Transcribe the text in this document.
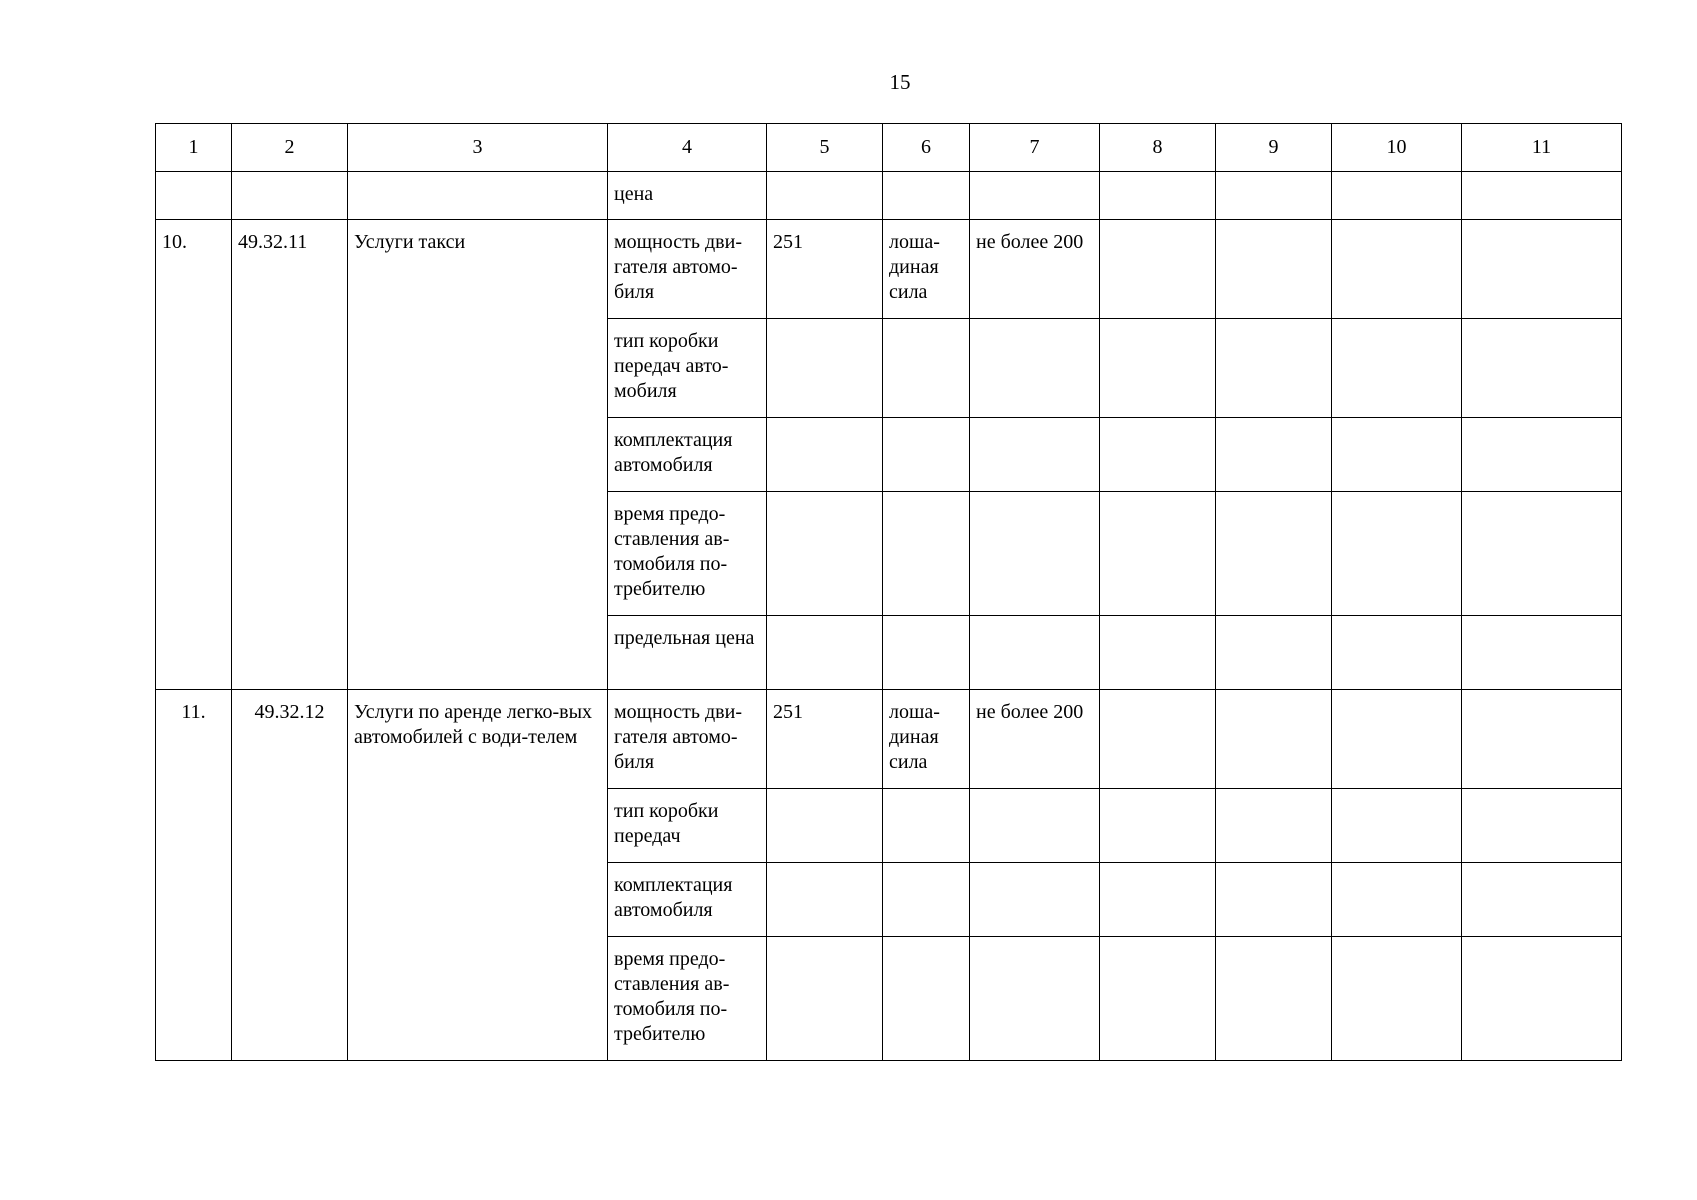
15
1	2	3	4	5	6	7	8	9	10	11
			цена							
10.	49.32.11	Услуги такси	мощность дви-гателя автомо-биля	251	лоша-диная сила	не более 200				
			тип коробки передач авто-мобиля							
			комплектация автомобиля							
			время предо-ставления ав-томобиля по-требителю							
			предельная цена							
11.	49.32.12	Услуги по аренде легко-вых автомобилей с води-телем	мощность дви-гателя автомо-биля	251	лоша-диная сила	не более 200				
			тип коробки передач							
			комплектация автомобиля							
			время предо-ставления ав-томобиля по-требителю							
